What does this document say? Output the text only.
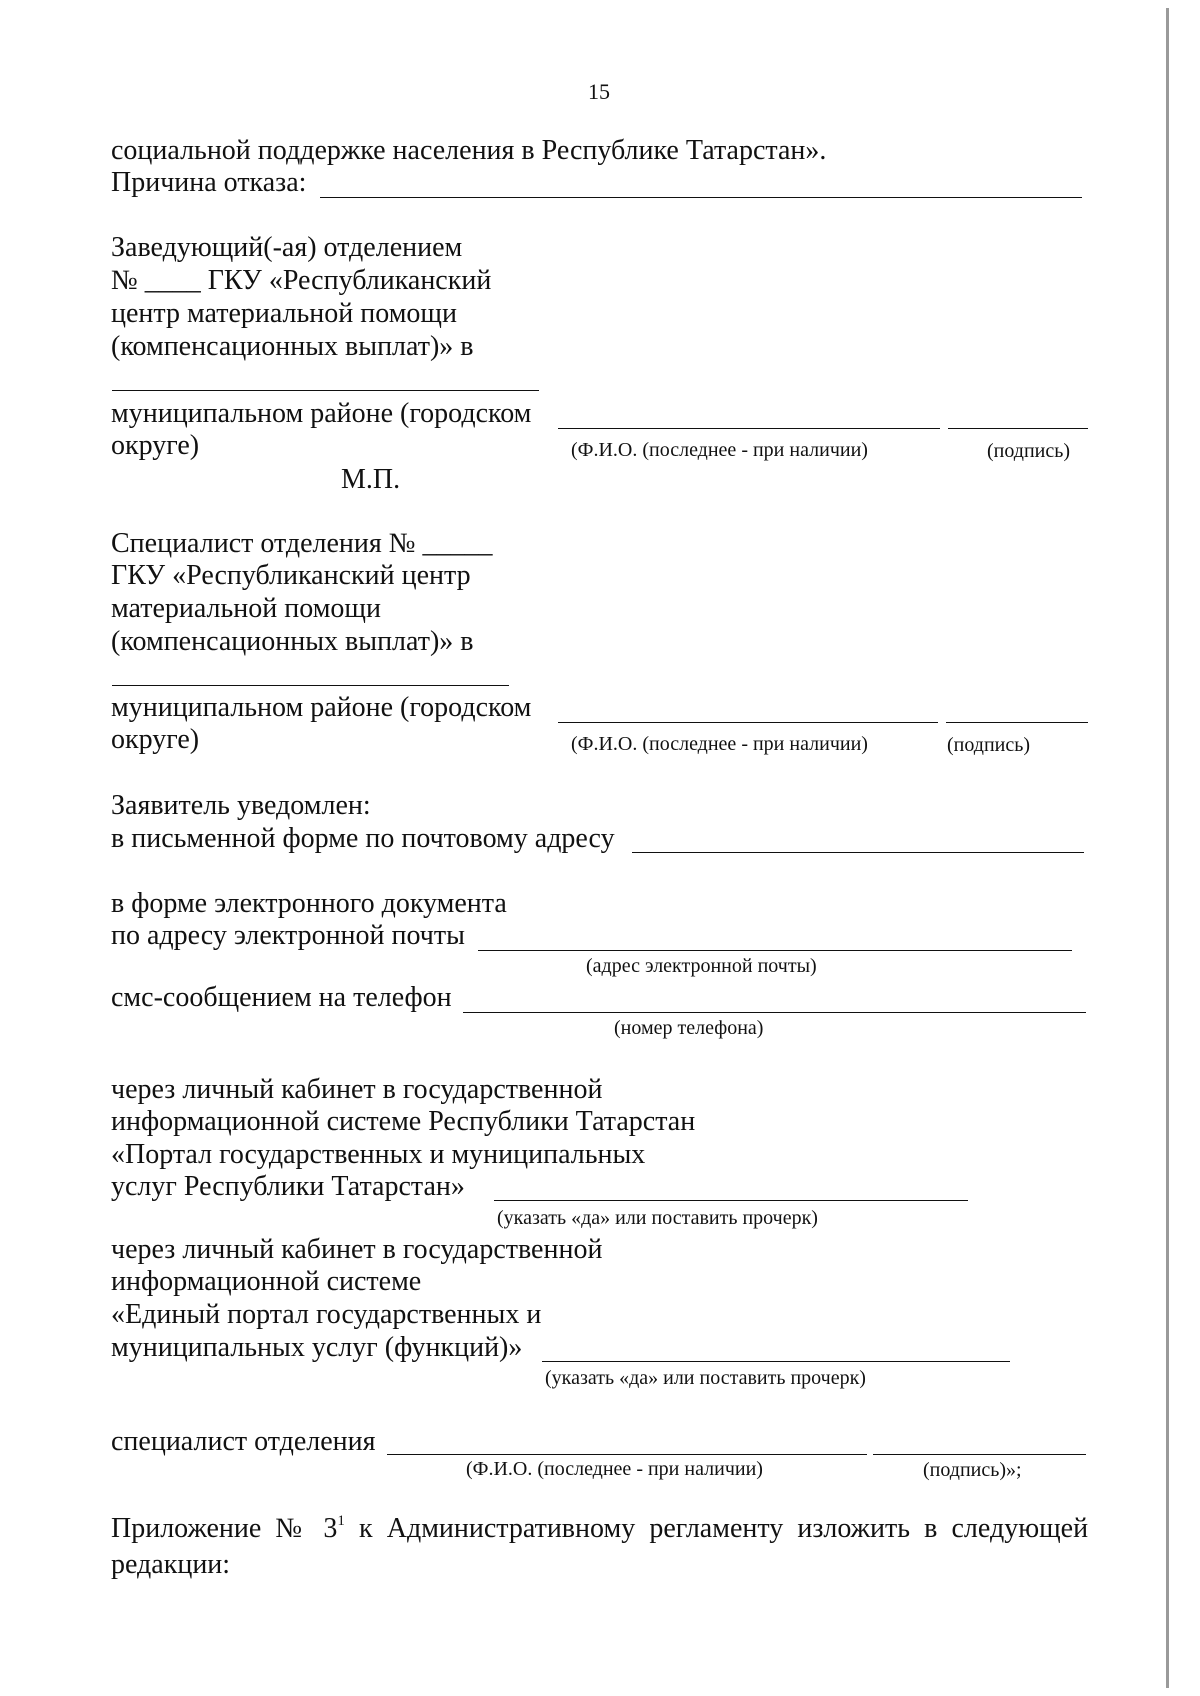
15
социальной поддержке населения в Республике Татарстан».
Причина отказа:
Заведующий(-ая) отделением
№ ____ ГКУ «Республиканский
центр материальной помощи
(компенсационных выплат)» в
муниципальном районе (городском
округе)	(Ф.И.О. (последнее - при наличии)	(подпись)
М.П.
Специалист отделения № _____
ГКУ «Республиканский центр
материальной помощи
(компенсационных выплат)» в
муниципальном районе (городском
округе)	(Ф.И.О. (последнее - при наличии)	(подпись)
Заявитель уведомлен:
в письменной форме по почтовому адресу
в форме электронного документа
по адресу электронной почты
(адрес электронной почты)
смс-сообщением на телефон
(номер телефона)
через личный кабинет в государственной
информационной системе Республики Татарстан
«Портал государственных и муниципальных
услуг Республики Татарстан»
(указать «да» или поставить прочерк)
через личный кабинет в государственной
информационной системе
«Единый портал государственных и
муниципальных услуг (функций)»
(указать «да» или поставить прочерк)
специалист отделения
(Ф.И.О. (последнее - при наличии)	(подпись)»;
Приложение № $3^1$ к Административному регламенту изложить в следующей
редакции:
